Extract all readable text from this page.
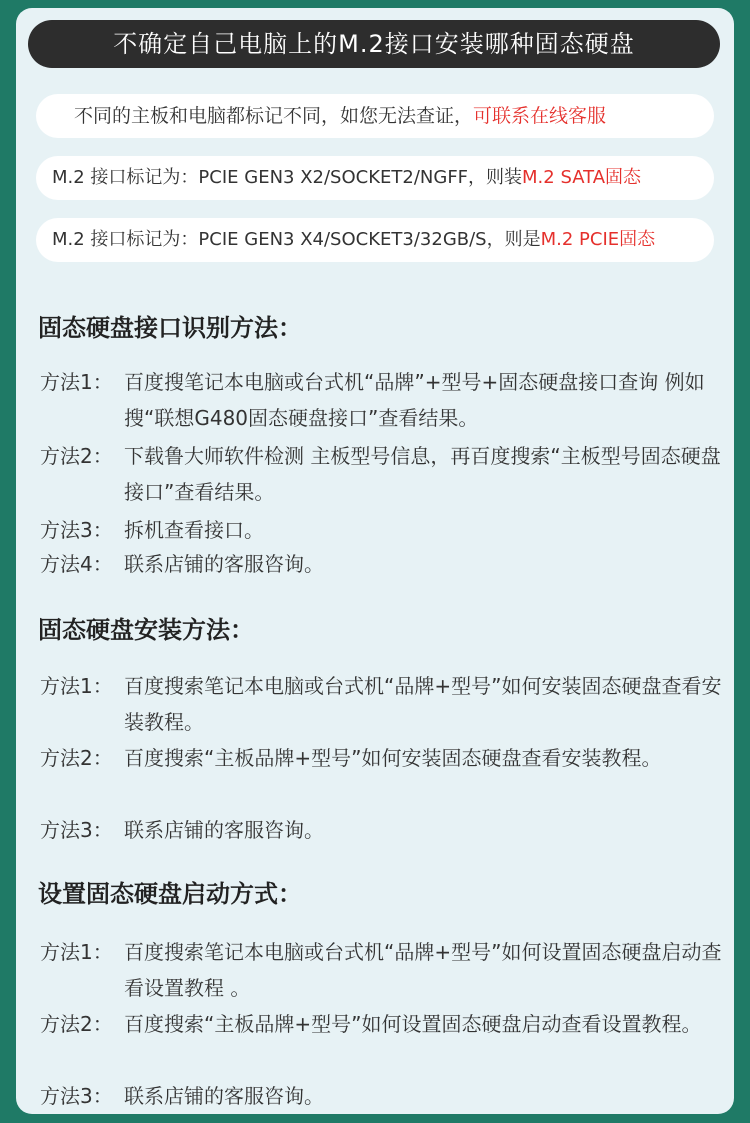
不确定自己电脑上的M.2接口安装哪种固态硬盘
不同的主板和电脑都标记不同，如您无法查证，可联系在线客服
M.2 接口标记为：PCIE GEN3 X2/SOCKET2/NGFF，则装M.2 SATA固态
M.2 接口标记为：PCIE GEN3 X4/SOCKET3/32GB/S，则是M.2 PCIE固态
固态硬盘接口识别方法：
方法1： 百度搜笔记本电脑或台式机“品牌”+型号+固态硬盘接口查询 例如搜“联想G480固态硬盘接口”查看结果。
方法2： 下载鲁大师软件检测 主板型号信息，再百度搜索“主板型号固态硬盘接口”查看结果。
方法3： 拆机查看接口。
方法4： 联系店铺的客服咨询。
固态硬盘安装方法：
方法1： 百度搜索笔记本电脑或台式机“品牌+型号”如何安装固态硬盘查看安装教程。
方法2： 百度搜索“主板品牌+型号”如何安装固态硬盘查看安装教程。
方法3： 联系店铺的客服咨询。
设置固态硬盘启动方式：
方法1： 百度搜索笔记本电脑或台式机“品牌+型号”如何设置固态硬盘启动查看设置教程 。
方法2： 百度搜索“主板品牌+型号”如何设置固态硬盘启动查看设置教程。
方法3： 联系店铺的客服咨询。
